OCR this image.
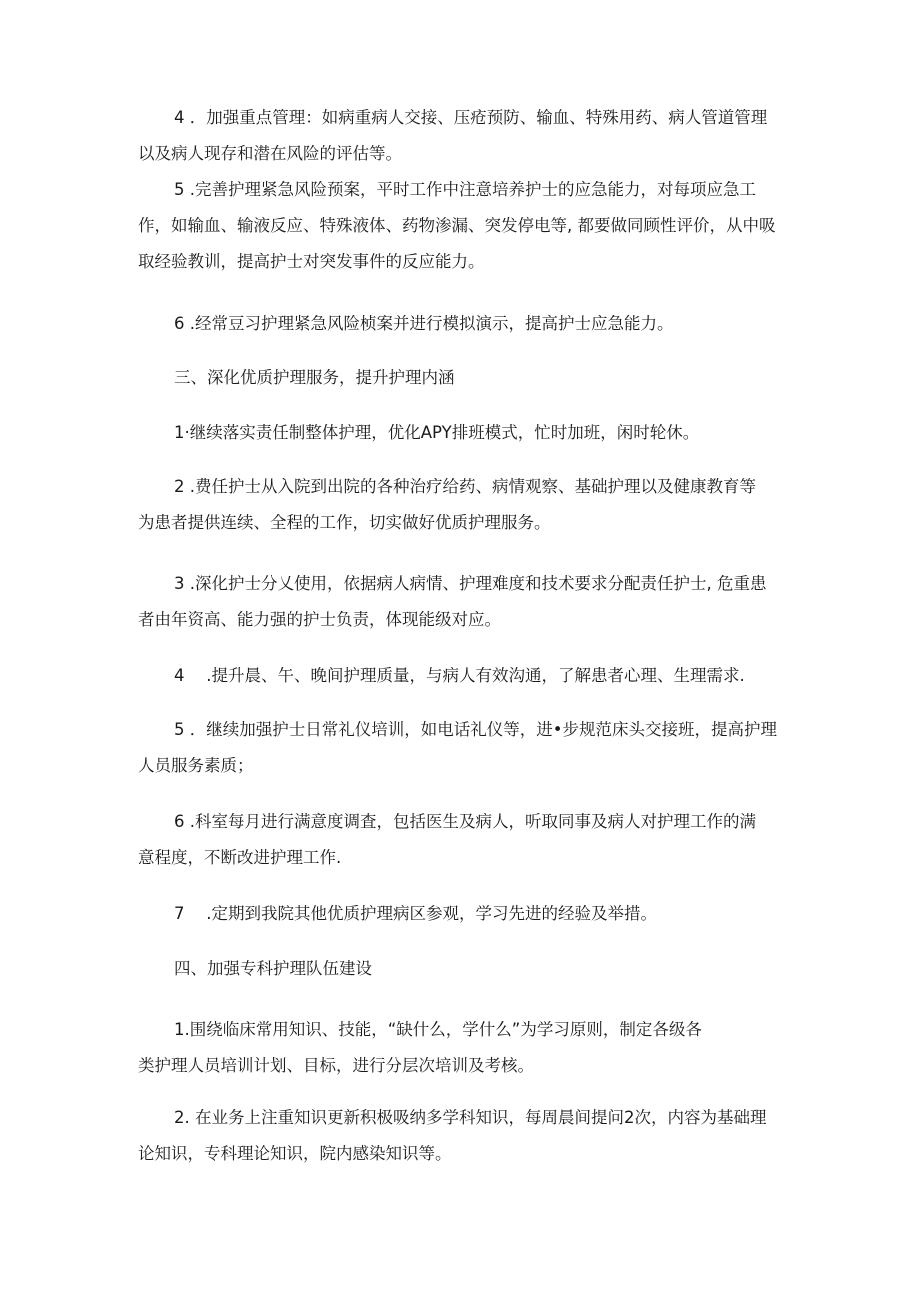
4 ．加强重点管理：如病重病人交接、压疮预防、输血、特殊用药、病人管道管理
以及病人现存和潜在风险的评估等。

5 .完善护理紧急风险预案，平时工作中注意培养护士的应急能力，对每项应急工
作，如输血、输液反应、特殊液体、药物渗漏、突发停电等, 都要做同顾性评价，从中吸
取经验教训，提高护士对突发事件的反应能力。

6 .经常豆习护理紧急风险桢案并进行模拟演示，提高护士应急能力。

三、深化优质护理服务，提升护理内涵

1·继续落实责任制整体护理，优化APY排班模式，忙时加班，闲时轮休。

2 .费任护士从入院到出院的各种治疗给药、病情观察、基础护理以及健康教育等
为患者提供连续、全程的工作，切实做好优质护理服务。

3 .深化护士分乂使用，依据病人病情、护理难度和技术要求分配责任护士, 危重患
者由年资高、能力强的护士负责，体现能级对应。

4 　.提升晨、午、晚间护理质量，与病人有效沟通，了解患者心理、生理需求.

5 ．继续加强护士日常礼仪培训，如电话礼仪等，进•步规范床头交接班，提高护理
人员服务素质；

6 .科室每月进行满意度调査，包括医生及病人，听取同事及病人对护理工作的满
意程度，不断改进护理工作.

7 　.定期到我院其他优质护理病区参观，学习先进的经验及举措。

四、加强专科护理队伍建设

1.围绕临床常用知识、技能，“缺什么，学什么”为学习原则，制定各级各
类护理人员培训计划、目标，进行分层次培训及考核。

2. 在业务上注重知识更新积极吸纳多学科知识，每周晨间提问2次，内容为基础理
论知识，专科理论知识，院内感染知识等。
